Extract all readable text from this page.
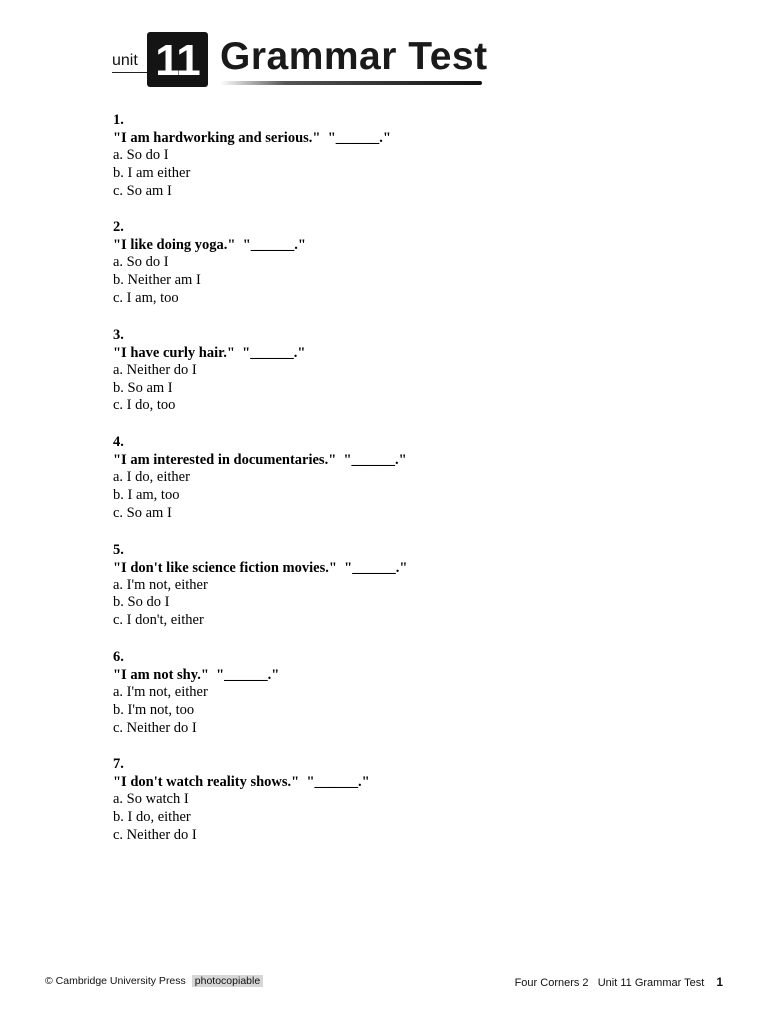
unit 11 Grammar Test
1.
"I am hardworking and serious."  "______."
a. So do I
b. I am either
c. So am I
2.
"I like doing yoga."  "______."
a. So do I
b. Neither am I
c. I am, too
3.
"I have curly hair."  "______."
a. Neither do I
b. So am I
c. I do, too
4.
"I am interested in documentaries."  "______."
a. I do, either
b. I am, too
c. So am I
5.
"I don't like science fiction movies."  "______."
a. I'm not, either
b. So do I
c. I don't, either
6.
"I am not shy."  "______."
a. I'm not, either
b. I'm not, too
c. Neither do I
7.
"I don't watch reality shows."  "______."
a. So watch I
b. I do, either
c. Neither do I
© Cambridge University Press photocopiable	Four Corners 2 Unit 11 Grammar Test 1
